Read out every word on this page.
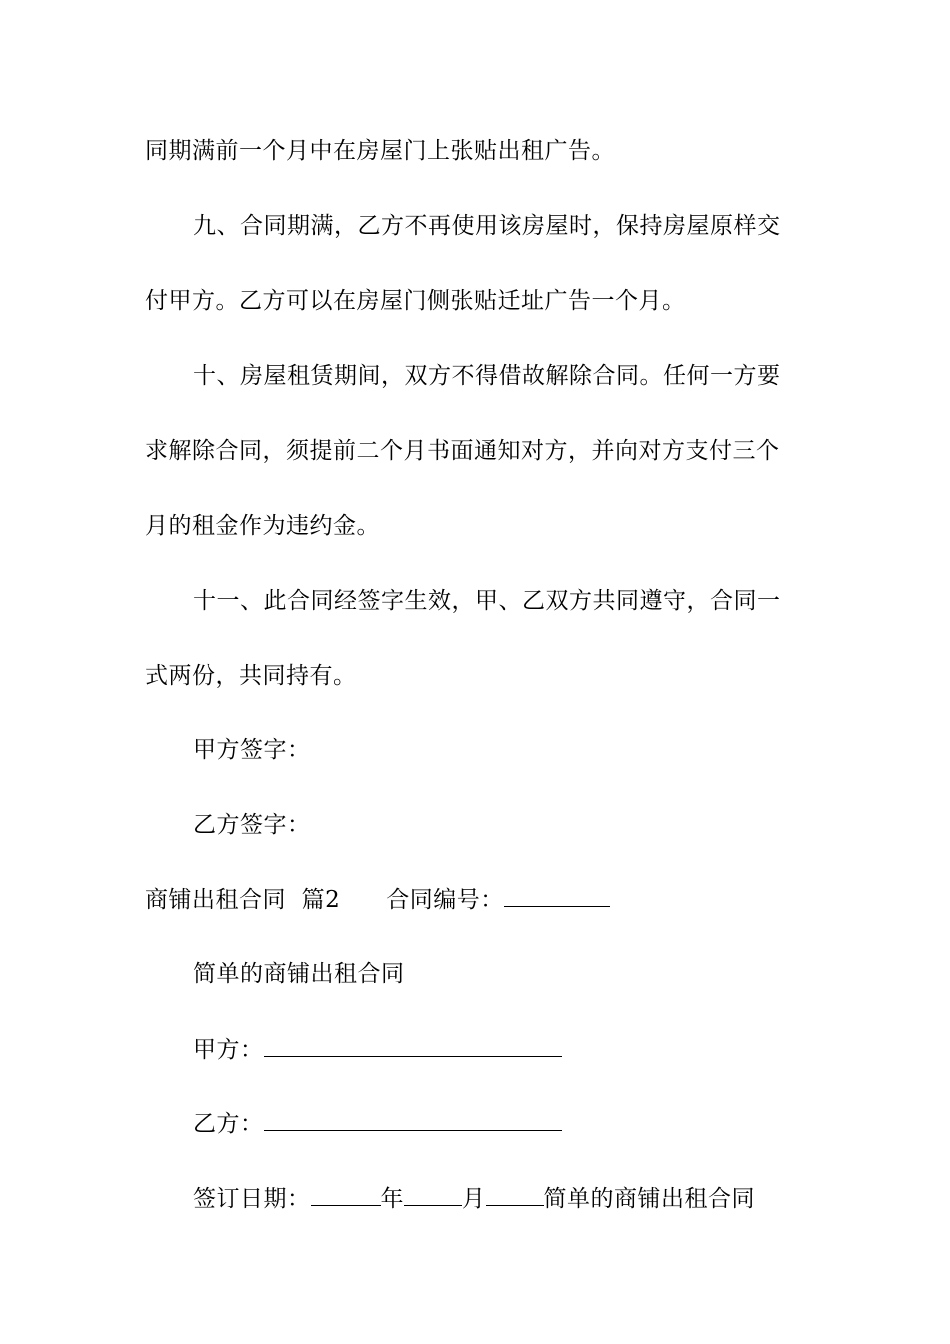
同期满前一个月中在房屋门上张贴出租广告。
九、合同期满，乙方不再使用该房屋时，保持房屋原样交
付甲方。乙方可以在房屋门侧张贴迁址广告一个月。
十、房屋租赁期间，双方不得借故解除合同。任何一方要
求解除合同，须提前二个月书面通知对方，并向对方支付三个
月的租金作为违约金。
十一、此合同经签字生效，甲、乙双方共同遵守，合同一
式两份，共同持有。
甲方签字：
乙方签字：
商铺出租合同  篇2 合同编号：
简单的商铺出租合同
甲方：
乙方：
签订日期：	年	月	简单的商铺出租合同
